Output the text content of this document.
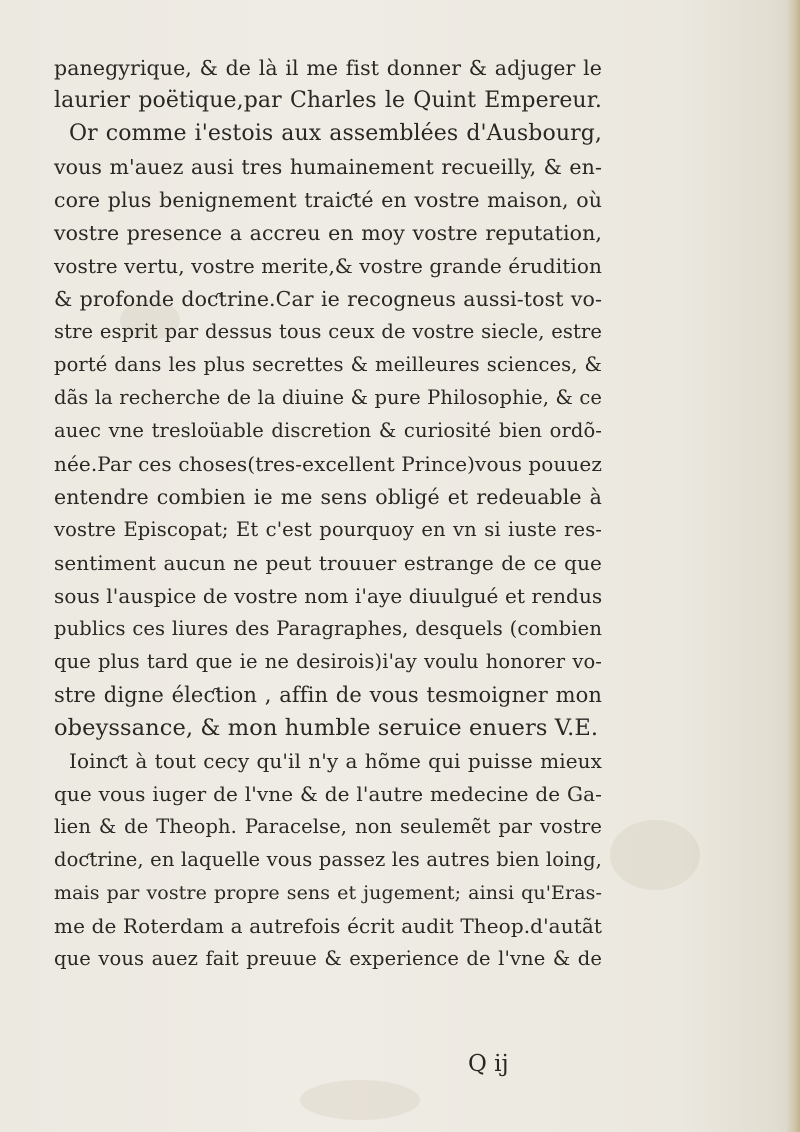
panegyrique, & de là il me fist donner & adjuger le
laurier poëtique,par Charles le Quint Empereur.
Or comme i'estois aux assemblées d'Ausbourg,
vous m'auez ausi tres humainement recueilly, & en-
core plus benignement traiƈté en vostre maison, où
vostre presence a accreu en moy vostre reputation,
vostre vertu, vostre merite,& vostre grande érudition
& profonde doƈtrine.Car ie recogneus aussi-tost vo-
stre esprit par dessus tous ceux de vostre siecle, estre
porté dans les plus secrettes & meilleures sciences, &
dãs la recherche de la diuine & pure Philosophie, & ce
auec vne tresloüable discretion & curiosité bien ordõ-
née.Par ces choses(tres-excellent Prince)vous pouuez
entendre combien ie me sens obligé et redeuable à
vostre Episcopat; Et c'est pourquoy en vn si iuste res-
sentiment aucun ne peut trouuer estrange de ce que
sous l'auspice de vostre nom i'aye diuulgué et rendus
publics ces liures des Paragraphes, desquels (combien
que plus tard que ie ne desirois)i'ay voulu honorer vo-
stre digne éleƈtion , affin de vous tesmoigner mon
obeyssance, & mon humble seruice enuers V.E.
Ioinƈt à tout cecy qu'il n'y a hõme qui puisse mieux
que vous iuger de l'vne & de l'autre medecine de Ga-
lien & de Theoph. Paracelse, non seulemẽt par vostre
doƈtrine, en laquelle vous passez les autres bien loing,
mais par vostre propre sens et jugement; ainsi qu'Eras-
me de Roterdam a autrefois écrit audit Theop.d'autãt
que vous auez fait preuue & experience de l'vne & de
Q ij
